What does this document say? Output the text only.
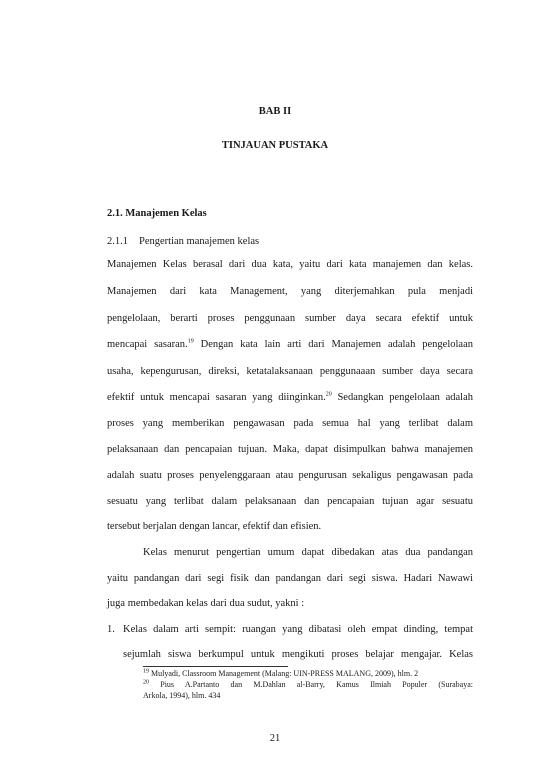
BAB II
TINJAUAN PUSTAKA
2.1. Manajemen Kelas
2.1.1 Pengertian manajemen kelas
Manajemen Kelas berasal dari dua kata, yaitu dari kata manajemen dan kelas.
Manajemen dari kata Management, yang diterjemahkan pula menjadi
pengelolaan, berarti proses penggunaan sumber daya secara efektif untuk
mencapai sasaran.$^{19}$ Dengan kata lain arti dari Manajemen adalah pengelolaan
usaha, kepengurusan, direksi, ketatalaksanaan penggunaaan sumber daya secara
efektif untuk mencapai sasaran yang diinginkan.$^{20}$ Sedangkan pengelolaan adalah
proses yang memberikan pengawasan pada semua hal yang terlibat dalam
pelaksanaan dan pencapaian tujuan. Maka, dapat disimpulkan bahwa manajemen
adalah suatu proses penyelenggaraan atau pengurusan sekaligus pengawasan pada
sesuatu yang terlibat dalam pelaksanaan dan pencapaian tujuan agar sesuatu
tersebut berjalan dengan lancar, efektif dan efisien.
Kelas menurut pengertian umum dapat dibedakan atas dua pandangan
yaitu pandangan dari segi fisik dan pandangan dari segi siswa. Hadari Nawawi
juga membedakan kelas dari dua sudut, yakni :
1. Kelas dalam arti sempit: ruangan yang dibatasi oleh empat dinding, tempat
sejumlah siswa berkumpul untuk mengikuti proses belajar mengajar. Kelas
$^{19}$ Mulyadi, Classroom Management (Malang: UIN-PRESS MALANG, 2009), hlm. 2
$^{20}$ Pius A.Partanto dan M.Dahlan al-Barry, Kamus Ilmiah Populer (Surabaya:
Arkola, 1994), hlm. 434
21
